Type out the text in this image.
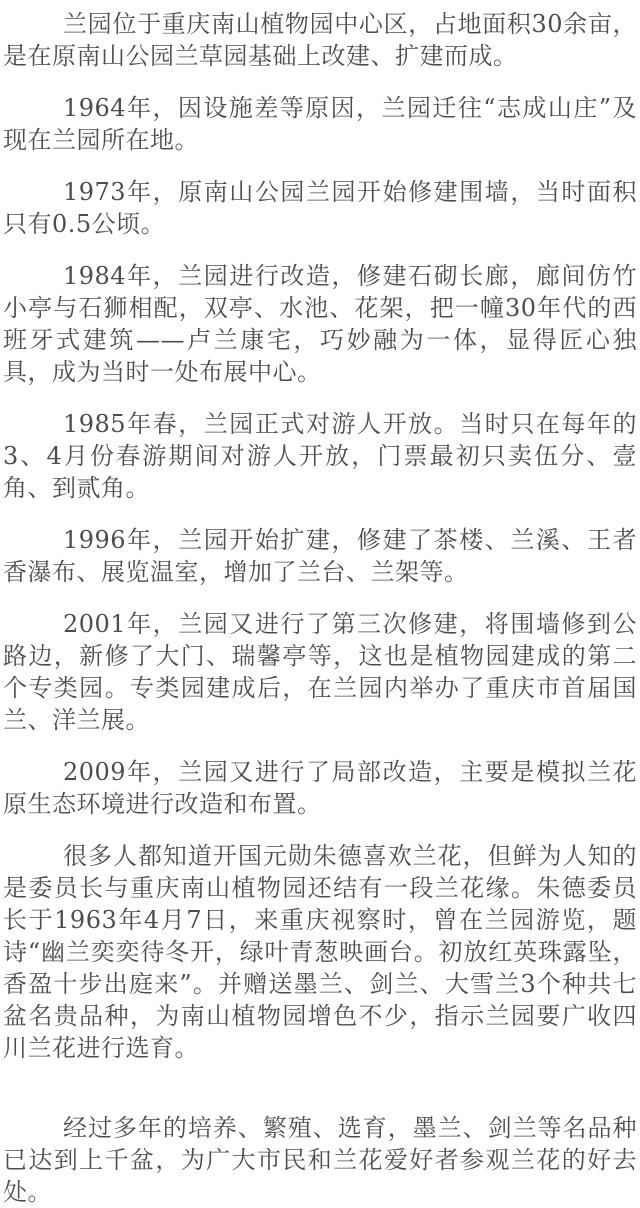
兰园位于重庆南山植物园中心区，占地面积30余亩，是在原南山公园兰草园基础上改建、扩建而成。

1964年，因设施差等原因，兰园迁往“志成山庄”及现在兰园所在地。

1973年，原南山公园兰园开始修建围墙，当时面积只有0.5公顷。

1984年，兰园进行改造，修建石砌长廊，廊间仿竹小亭与石狮相配，双亭、水池、花架，把一幢30年代的西班牙式建筑——卢兰康宅，巧妙融为一体，显得匠心独具，成为当时一处布展中心。

1985年春，兰园正式对游人开放。当时只在每年的3、4月份春游期间对游人开放，门票最初只卖伍分、壹角、到贰角。

1996年，兰园开始扩建，修建了茶楼、兰溪、王者香瀑布、展览温室，增加了兰台、兰架等。

2001年，兰园又进行了第三次修建，将围墙修到公路边，新修了大门、瑞馨亭等，这也是植物园建成的第二个专类园。专类园建成后，在兰园内举办了重庆市首届国兰、洋兰展。

2009年，兰园又进行了局部改造，主要是模拟兰花原生态环境进行改造和布置。

很多人都知道开国元勋朱德喜欢兰花，但鲜为人知的是委员长与重庆南山植物园还结有一段兰花缘。朱德委员长于1963年4月7日，来重庆视察时，曾在兰园游览，题诗“幽兰奕奕待冬开，绿叶青葱映画台。初放红英珠露坠，香盈十步出庭来”。并赠送墨兰、剑兰、大雪兰3个种共七盆名贵品种，为南山植物园增色不少，指示兰园要广收四川兰花进行选育。

经过多年的培养、繁殖、选育，墨兰、剑兰等名品种已达到上千盆，为广大市民和兰花爱好者参观兰花的好去处。
